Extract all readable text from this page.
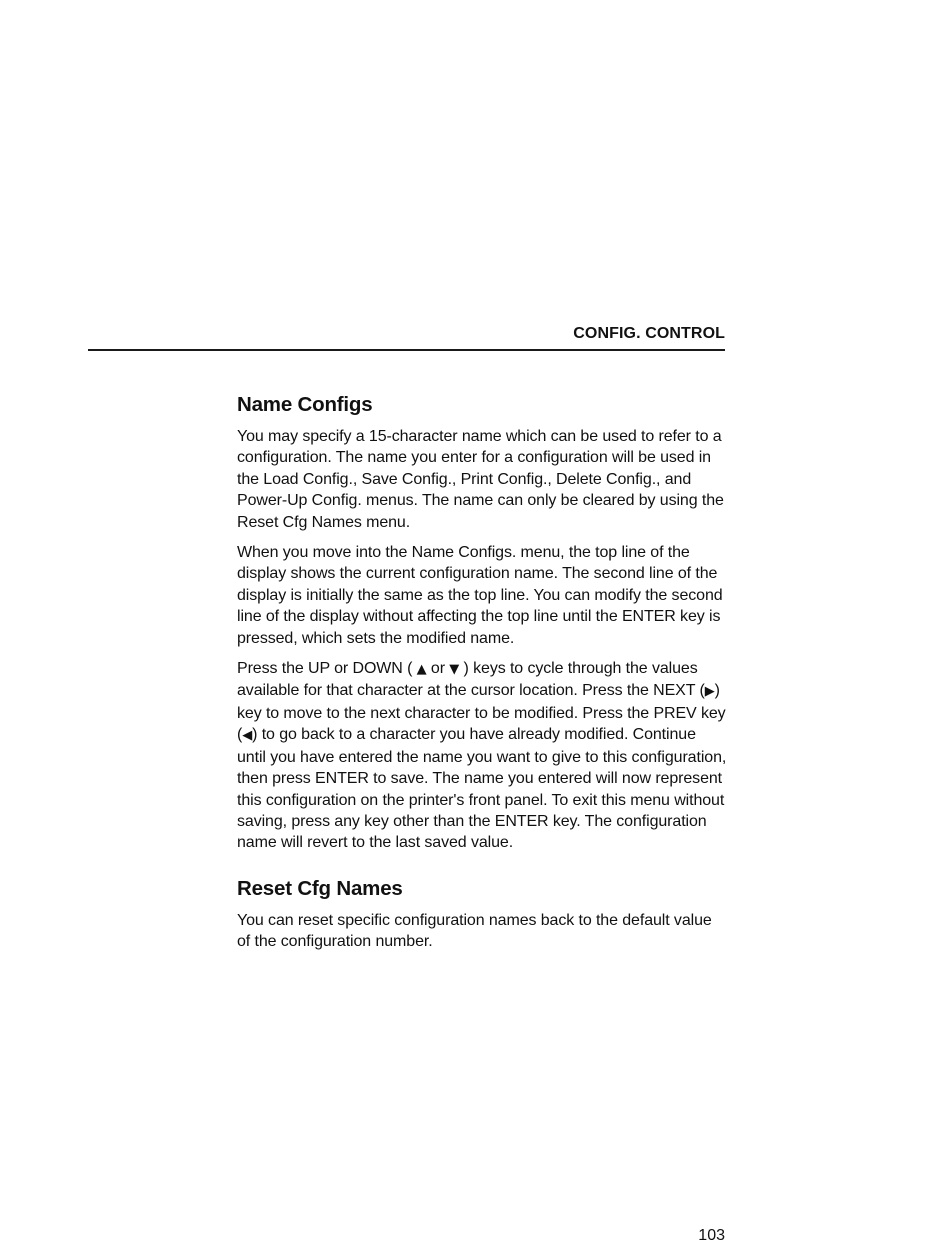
CONFIG. CONTROL
Name Configs

You may specify a 15-character name which can be used to refer to a configuration. The name you enter for a configuration will be used in the Load Config., Save Config., Print Config., Delete Config., and Power-Up Config. menus. The name can only be cleared by using the Reset Cfg Names menu.

When you move into the Name Configs. menu, the top line of the display shows the current configuration name. The second line of the display is initially the same as the top line. You can modify the second line of the display without affecting the top line until the ENTER key is pressed, which sets the modified name.

Press the UP or DOWN ( ▲ or ▼ ) keys to cycle through the values available for that character at the cursor location. Press the NEXT (▶) key to move to the next character to be modified. Press the PREV key (◀) to go back to a character you have already modified. Continue until you have entered the name you want to give to this configuration, then press ENTER to save. The name you entered will now represent this configuration on the printer's front panel. To exit this menu without saving, press any key other than the ENTER key. The configuration name will revert to the last saved value.

Reset Cfg Names

You can reset specific configuration names back to the default value of the configuration number.

103
